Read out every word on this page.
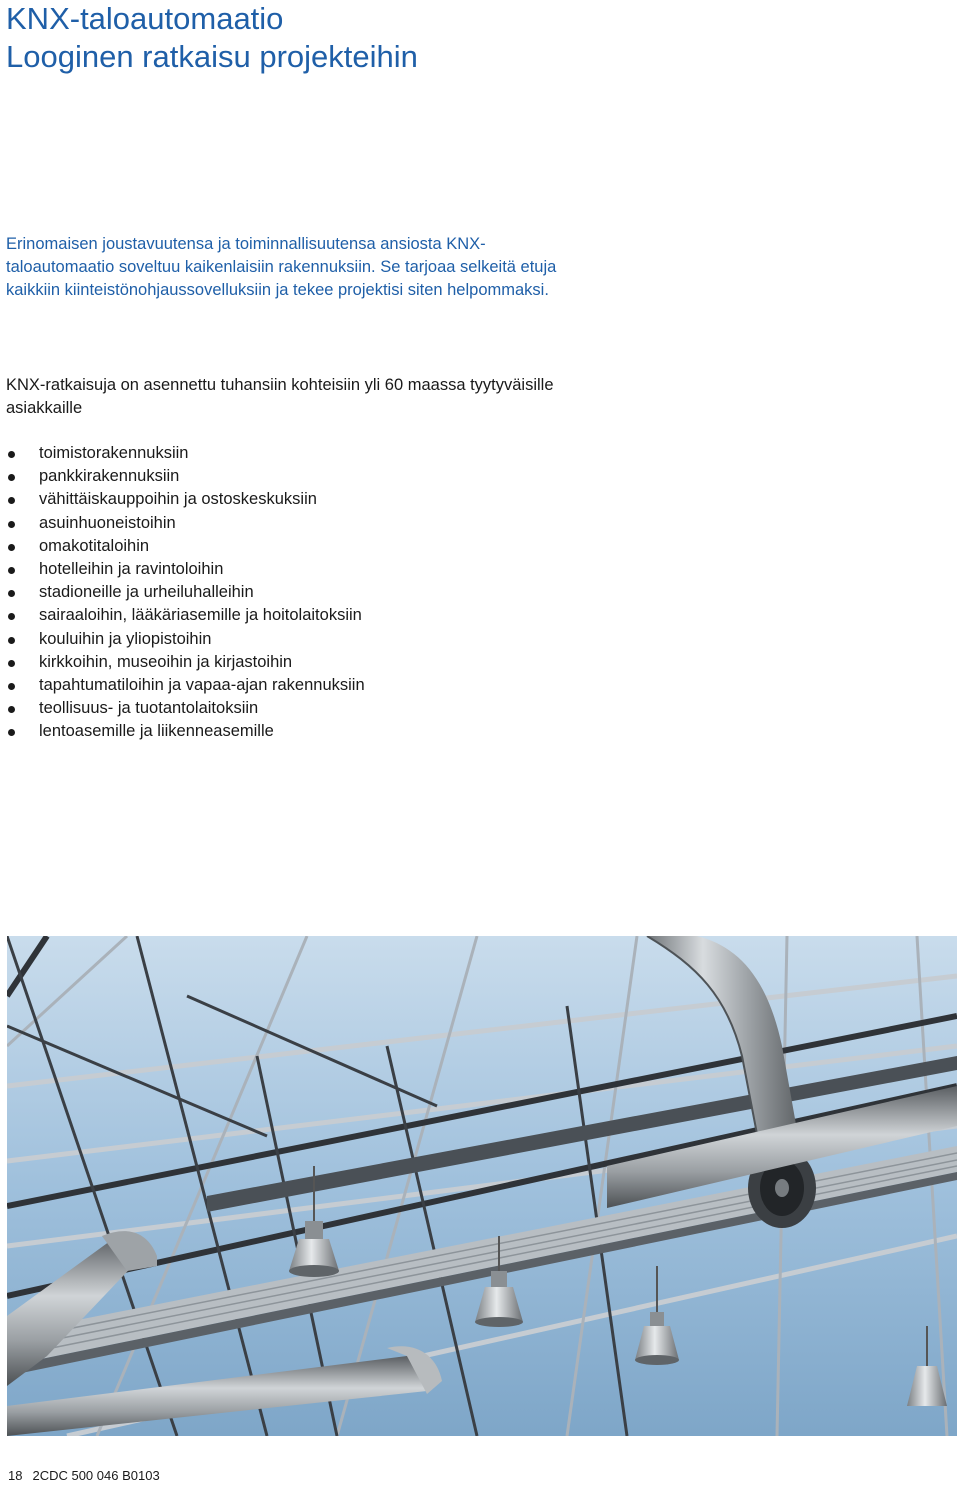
KNX-taloautomaatio
Looginen ratkaisu projekteihin

Erinomaisen joustavuutensa ja toiminnallisuutensa ansiosta KNX-taloautomaatio soveltuu kaikenlaisiin rakennuksiin. Se tarjoaa selkeitä etuja kaikkiin kiinteistönohjaussovelluksiin ja tekee projektisi siten helpommaksi.

KNX-ratkaisuja on asennettu tuhansiin kohteisiin yli 60 maassa tyytyväisille asiakkaille

toimistorakennuksiin
pankkirakennuksiin
vähittäiskauppoihin ja ostoskeskuksiin
asuinhuoneistoihin
omakotitaloihin
hotelleihin ja ravintoloihin
stadioneille ja urheiluhalleihin
sairaaloihin, lääkäriasemille ja hoitolaitoksiin
kouluihin ja yliopistoihin
kirkkoihin, museoihin ja kirjastoihin
tapahtumatiloihin ja vapaa-ajan rakennuksiin
teollisuus- ja tuotantolaitoksiin
lentoasemille ja liikenneasemille
18 2CDC 500 046 B0103
